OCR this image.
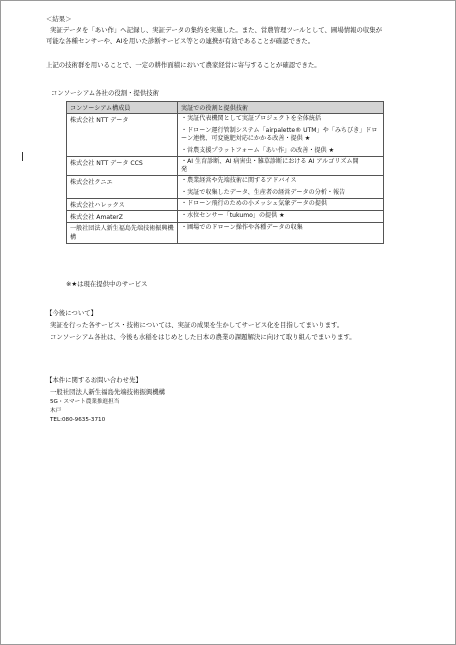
＜結果＞
実証データを「あい作」へ記録し、実証データの集約を実施した。また、営農管理ツールとして、圃場情報の収集が
可能な各種センサーや、AIを用いた診断サービス等との連携が有効であることが確認できた。
上記の技術群を用いることで、一定の耕作面積において農家経営に寄与することが確認できた。
コンソーシアム各社の役割・提供技術
コンソーシアム構成員	実証での役割と提供技術
株式会社 NTT データ	・実証代表機関として実証プロジェクトを全体統括
・ドローン運行管制システム「airpalette® UTM」や「みちびき」ドロ
ーン連携、可変施肥対応にかかる改善・提供 ★
・営農支援プラットフォーム「あい作」の改善・提供 ★

株式会社 NTT データ CCS	・AI 生育診断、AI 病害虫・雑草診断における AI アルゴリズム開
発

株式会社クニエ	・農業経営や先端技術に関するアドバイス
・実証で収集したデータ、生産者の経営データの分析・報告

株式会社ハレックス	・ドローン飛行のための小メッシュ気象データの提供

株式会社 AmaterZ	・水位センサー「tukumo」の提供 ★

一般社団法人新生福島先端技術振興機構	・圃場でのドローン操作や各種データの収集
※★は現在提供中のサービス
【今後について】
実証を行った各サービス・技術については、実証の成果を生かしてサービス化を目指してまいります。
コンソーシアム各社は、今後も水稲をはじめとした日本の農業の課題解決に向けて取り組んでまいります。
【本件に関するお問い合わせ先】
一般社団法人新生福島先端技術振興機構
5G・スマート農業推進担当
木戸
TEL:080-9635-3710
